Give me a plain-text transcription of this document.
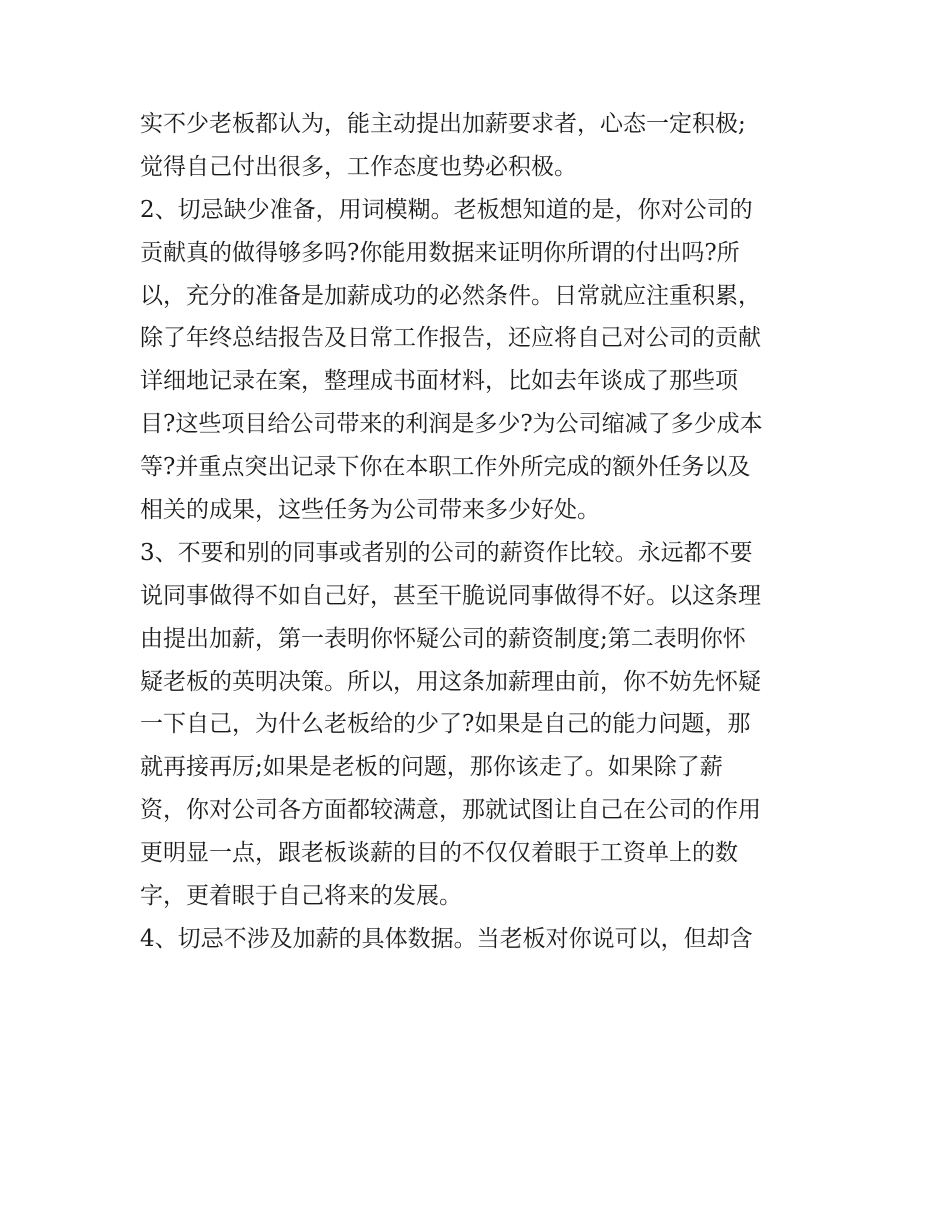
实不少老板都认为，能主动提出加薪要求者，心态一定积极;
觉得自己付出很多，工作态度也势必积极。
2、切忌缺少准备，用词模糊。老板想知道的是，你对公司的
贡献真的做得够多吗?你能用数据来证明你所谓的付出吗?所
以，充分的准备是加薪成功的必然条件。日常就应注重积累，
除了年终总结报告及日常工作报告，还应将自己对公司的贡献
详细地记录在案，整理成书面材料，比如去年谈成了那些项
目?这些项目给公司带来的利润是多少?为公司缩减了多少成本
等?并重点突出记录下你在本职工作外所完成的额外任务以及
相关的成果，这些任务为公司带来多少好处。
3、不要和别的同事或者别的公司的薪资作比较。永远都不要
说同事做得不如自己好，甚至干脆说同事做得不好。以这条理
由提出加薪，第一表明你怀疑公司的薪资制度;第二表明你怀
疑老板的英明决策。所以，用这条加薪理由前，你不妨先怀疑
一下自己，为什么老板给的少了?如果是自己的能力问题，那
就再接再厉;如果是老板的问题，那你该走了。如果除了薪
资，你对公司各方面都较满意，那就试图让自己在公司的作用
更明显一点，跟老板谈薪的目的不仅仅着眼于工资单上的数
字，更着眼于自己将来的发展。
4、切忌不涉及加薪的具体数据。当老板对你说可以，但却含
